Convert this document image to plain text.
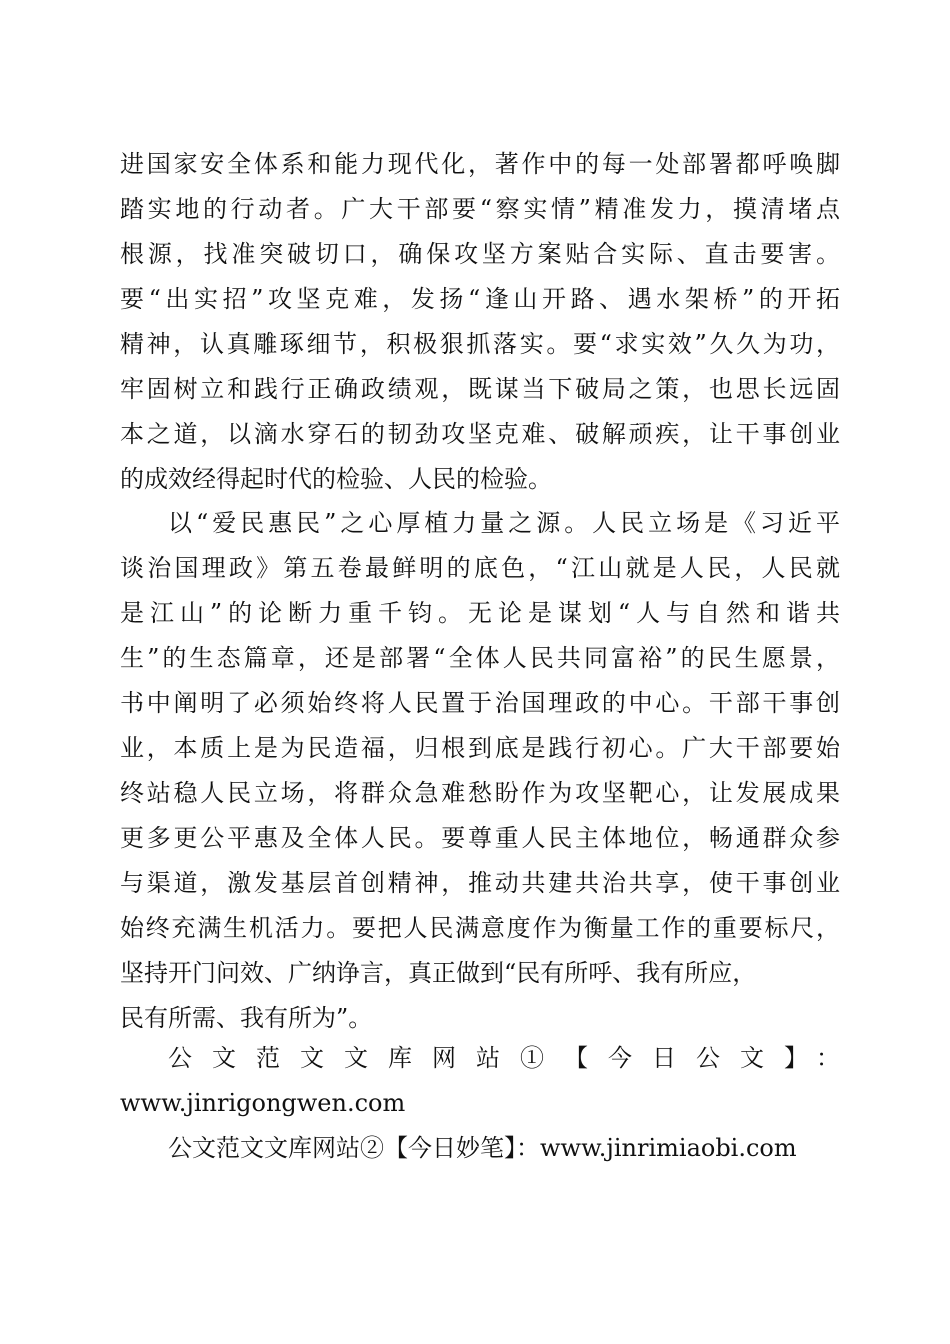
进国家安全体系和能力现代化，著作中的每一处部署都呼唤脚
踏实地的行动者。广大干部要“察实情”精准发力，摸清堵点
根源，找准突破切口，确保攻坚方案贴合实际、直击要害。
要“出实招”攻坚克难，发扬“逢山开路、遇水架桥”的开拓
精神，认真雕琢细节，积极狠抓落实。要“求实效”久久为功，
牢固树立和践行正确政绩观，既谋当下破局之策，也思长远固
本之道，以滴水穿石的韧劲攻坚克难、破解顽疾，让干事创业
的成效经得起时代的检验、人民的检验。
以“爱民惠民”之心厚植力量之源。人民立场是《习近平
谈治国理政》第五卷最鲜明的底色，“江山就是人民，人民就
是江山”的论断力重千钧。无论是谋划“人与自然和谐共
生”的生态篇章，还是部署“全体人民共同富裕”的民生愿景，
书中阐明了必须始终将人民置于治国理政的中心。干部干事创
业，本质上是为民造福，归根到底是践行初心。广大干部要始
终站稳人民立场，将群众急难愁盼作为攻坚靶心，让发展成果
更多更公平惠及全体人民。要尊重人民主体地位，畅通群众参
与渠道，激发基层首创精神，推动共建共治共享，使干事创业
始终充满生机活力。要把人民满意度作为衡量工作的重要标尺，
坚持开门问效、广纳诤言，真正做到“民有所呼、我有所应，
民有所需、我有所为”。
公文范文文库网站①【今日公文】：
www.jinrigongwen.com
公文范文文库网站②【今日妙笔】：www.jinrimiaobi.com
